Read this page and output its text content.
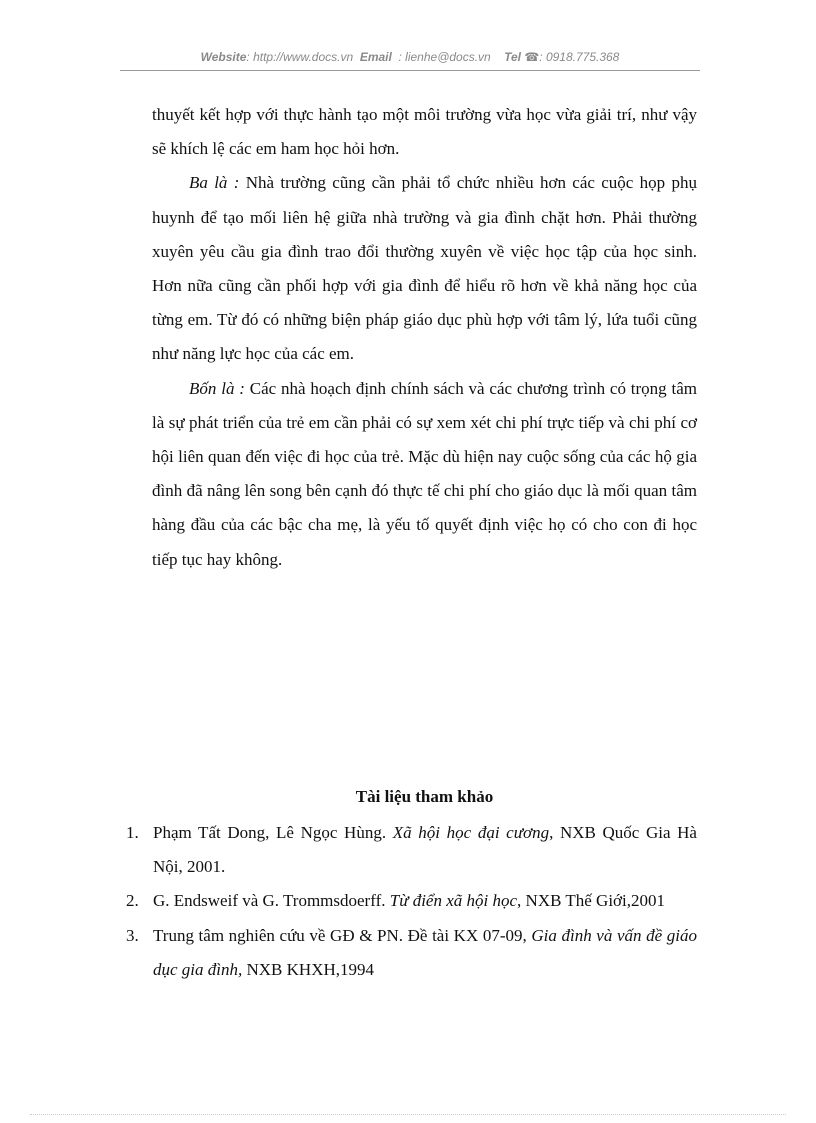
Website: http://www.docs.vn Email : lienhe@docs.vn Tel ☎: 0918.775.368

thuyết kết hợp với thực hành tạo một môi trường vừa học vừa giải trí, như vậy sẽ khích lệ các em ham học hỏi hơn.

Ba là : Nhà trường cũng cần phải tổ chức nhiều hơn các cuộc họp phụ huynh để tạo mối liên hệ giữa nhà trường và gia đình chặt hơn. Phải thường xuyên yêu cầu gia đình trao đổi thường xuyên về việc học tập của học sinh. Hơn nữa cũng cần phối hợp với gia đình để hiểu rõ hơn về khả năng học của từng em. Từ đó có những biện pháp giáo dục phù hợp với tâm lý, lứa tuổi cũng như năng lực học của các em.

Bốn là : Các nhà hoạch định chính sách và các chương trình có trọng tâm là sự phát triển của trẻ em cần phải có sự xem xét chi phí trực tiếp và chi phí cơ hội liên quan đến việc đi học của trẻ. Mặc dù hiện nay cuộc sống của các hộ gia đình đã nâng lên song bên cạnh đó thực tế chi phí cho giáo dục là mối quan tâm hàng đầu của các bậc cha mẹ, là yếu tố quyết định việc họ có cho con đi học tiếp tục hay không.

Tài liệu tham khảo
1. Phạm Tất Dong, Lê Ngọc Hùng. Xã hội học đại cương, NXB Quốc Gia Hà Nội, 2001.
2. G. Endsweif và G. Trommsdoerff. Từ điển xã hội học, NXB Thế Giới,2001
3. Trung tâm nghiên cứu về GĐ & PN. Đề tài KX 07-09, Gia đình và vấn đề giáo dục gia đình, NXB KHXH,1994
